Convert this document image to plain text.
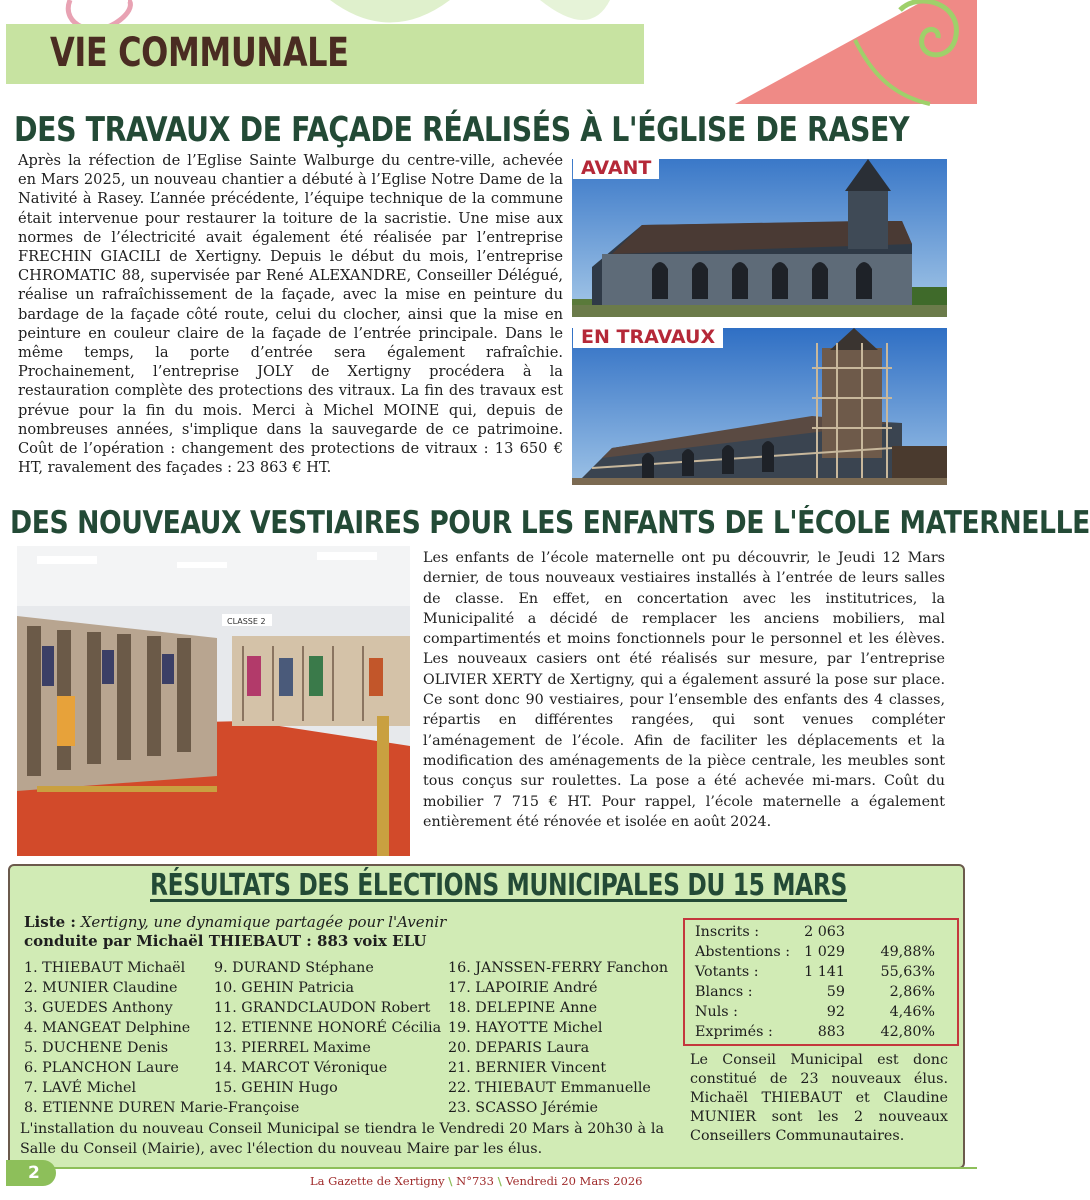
VIE COMMUNALE
DES TRAVAUX DE FAÇADE RÉALISÉS À L'ÉGLISE DE RASEY

Après la réfection de l’Eglise Sainte Walburge du centre-ville, achevée en Mars 2025, un nouveau chantier a débuté à l’Eglise Notre Dame de la Nativité à Rasey. L’année précédente, l’équipe technique de la commune était intervenue pour restaurer la toiture de la sacristie. Une mise aux normes de l’électricité avait également été réalisée par l’entreprise FRECHIN GIACILI de Xertigny. Depuis le début du mois, l’entreprise CHROMATIC 88, supervisée par René ALEXANDRE, Conseiller Délégué, réalise un rafraîchissement de la façade, avec la mise en peinture du bardage de la façade côté route, celui du clocher, ainsi que la mise en peinture en couleur claire de la façade de l’entrée principale. Dans le même temps, la porte d’entrée sera également rafraîchie. Prochainement, l’entreprise JOLY de Xertigny procédera à la restauration complète des protections des vitraux. La fin des travaux est prévue pour la fin du mois. Merci à Michel MOINE qui, depuis de nombreuses années, s'implique dans la sauvegarde de ce patrimoine. Coût de l’opération : changement des protections de vitraux : 13 650 € HT, ravalement des façades : 23 863 € HT.

AVANT
EN TRAVAUX
DES NOUVEAUX VESTIAIRES POUR LES ENFANTS DE L'ÉCOLE MATERNELLE
CLASSE 2

Les enfants de l’école maternelle ont pu découvrir, le Jeudi 12 Mars dernier, de tous nouveaux vestiaires installés à l’entrée de leurs salles de classe. En effet, en concertation avec les institutrices, la Municipalité a décidé de remplacer les anciens mobiliers, mal compartimentés et moins fonctionnels pour le personnel et les élèves. Les nouveaux casiers ont été réalisés sur mesure, par l’entreprise OLIVIER XERTY de Xertigny, qui a également assuré la pose sur place. Ce sont donc 90 vestiaires, pour l’ensemble des enfants des 4 classes, répartis en différentes rangées, qui sont venues compléter l’aménagement de l’école. Afin de faciliter les déplacements et la modification des aménagements de la pièce centrale, les meubles sont tous conçus sur roulettes. La pose a été achevée mi-mars. Coût du mobilier 7 715 € HT. Pour rappel, l’école maternelle a également entièrement été rénovée et isolée en août 2024.

RÉSULTATS DES ÉLECTIONS MUNICIPALES DU 15 MARS
Liste : Xertigny, une dynamique partagée pour l'Avenir
conduite par Michaël THIEBAUT : 883 voix ELU
1. THIEBAUT Michaël
2. MUNIER Claudine
3. GUEDES Anthony
4. MANGEAT Delphine
5. DUCHENE Denis
6. PLANCHON Laure
7. LAVÉ Michel
8. ETIENNE DUREN Marie-Françoise
9. DURAND Stéphane
10. GEHIN Patricia
11. GRANDCLAUDON Robert
12. ETIENNE HONORÉ Cécilia
13. PIERREL Maxime
14. MARCOT Véronique
15. GEHIN Hugo
16. JANSSEN-FERRY Fanchon
17. LAPOIRIE André
18. DELEPINE Anne
19. HAYOTTE Michel
20. DEPARIS Laura
21. BERNIER Vincent
22. THIEBAUT Emmanuelle
23. SCASSO Jérémie
Inscrits :	2 063
Abstentions : 1 029	49,88%
Votants :	1 141	55,63%
Blancs :	59	2,86%
Nuls :	92	4,46%
Exprimés :	883	42,80%

Le Conseil Municipal est donc constitué de 23 nouveaux élus. Michaël THIEBAUT et Claudine MUNIER sont les 2 nouveaux Conseillers Communautaires.

L'installation du nouveau Conseil Municipal se tiendra le Vendredi 20 Mars à 20h30 à la Salle du Conseil (Mairie), avec l'élection du nouveau Maire par les élus.

2	La Gazette de Xertigny \ N°733 \ Vendredi 20 Mars 2026
